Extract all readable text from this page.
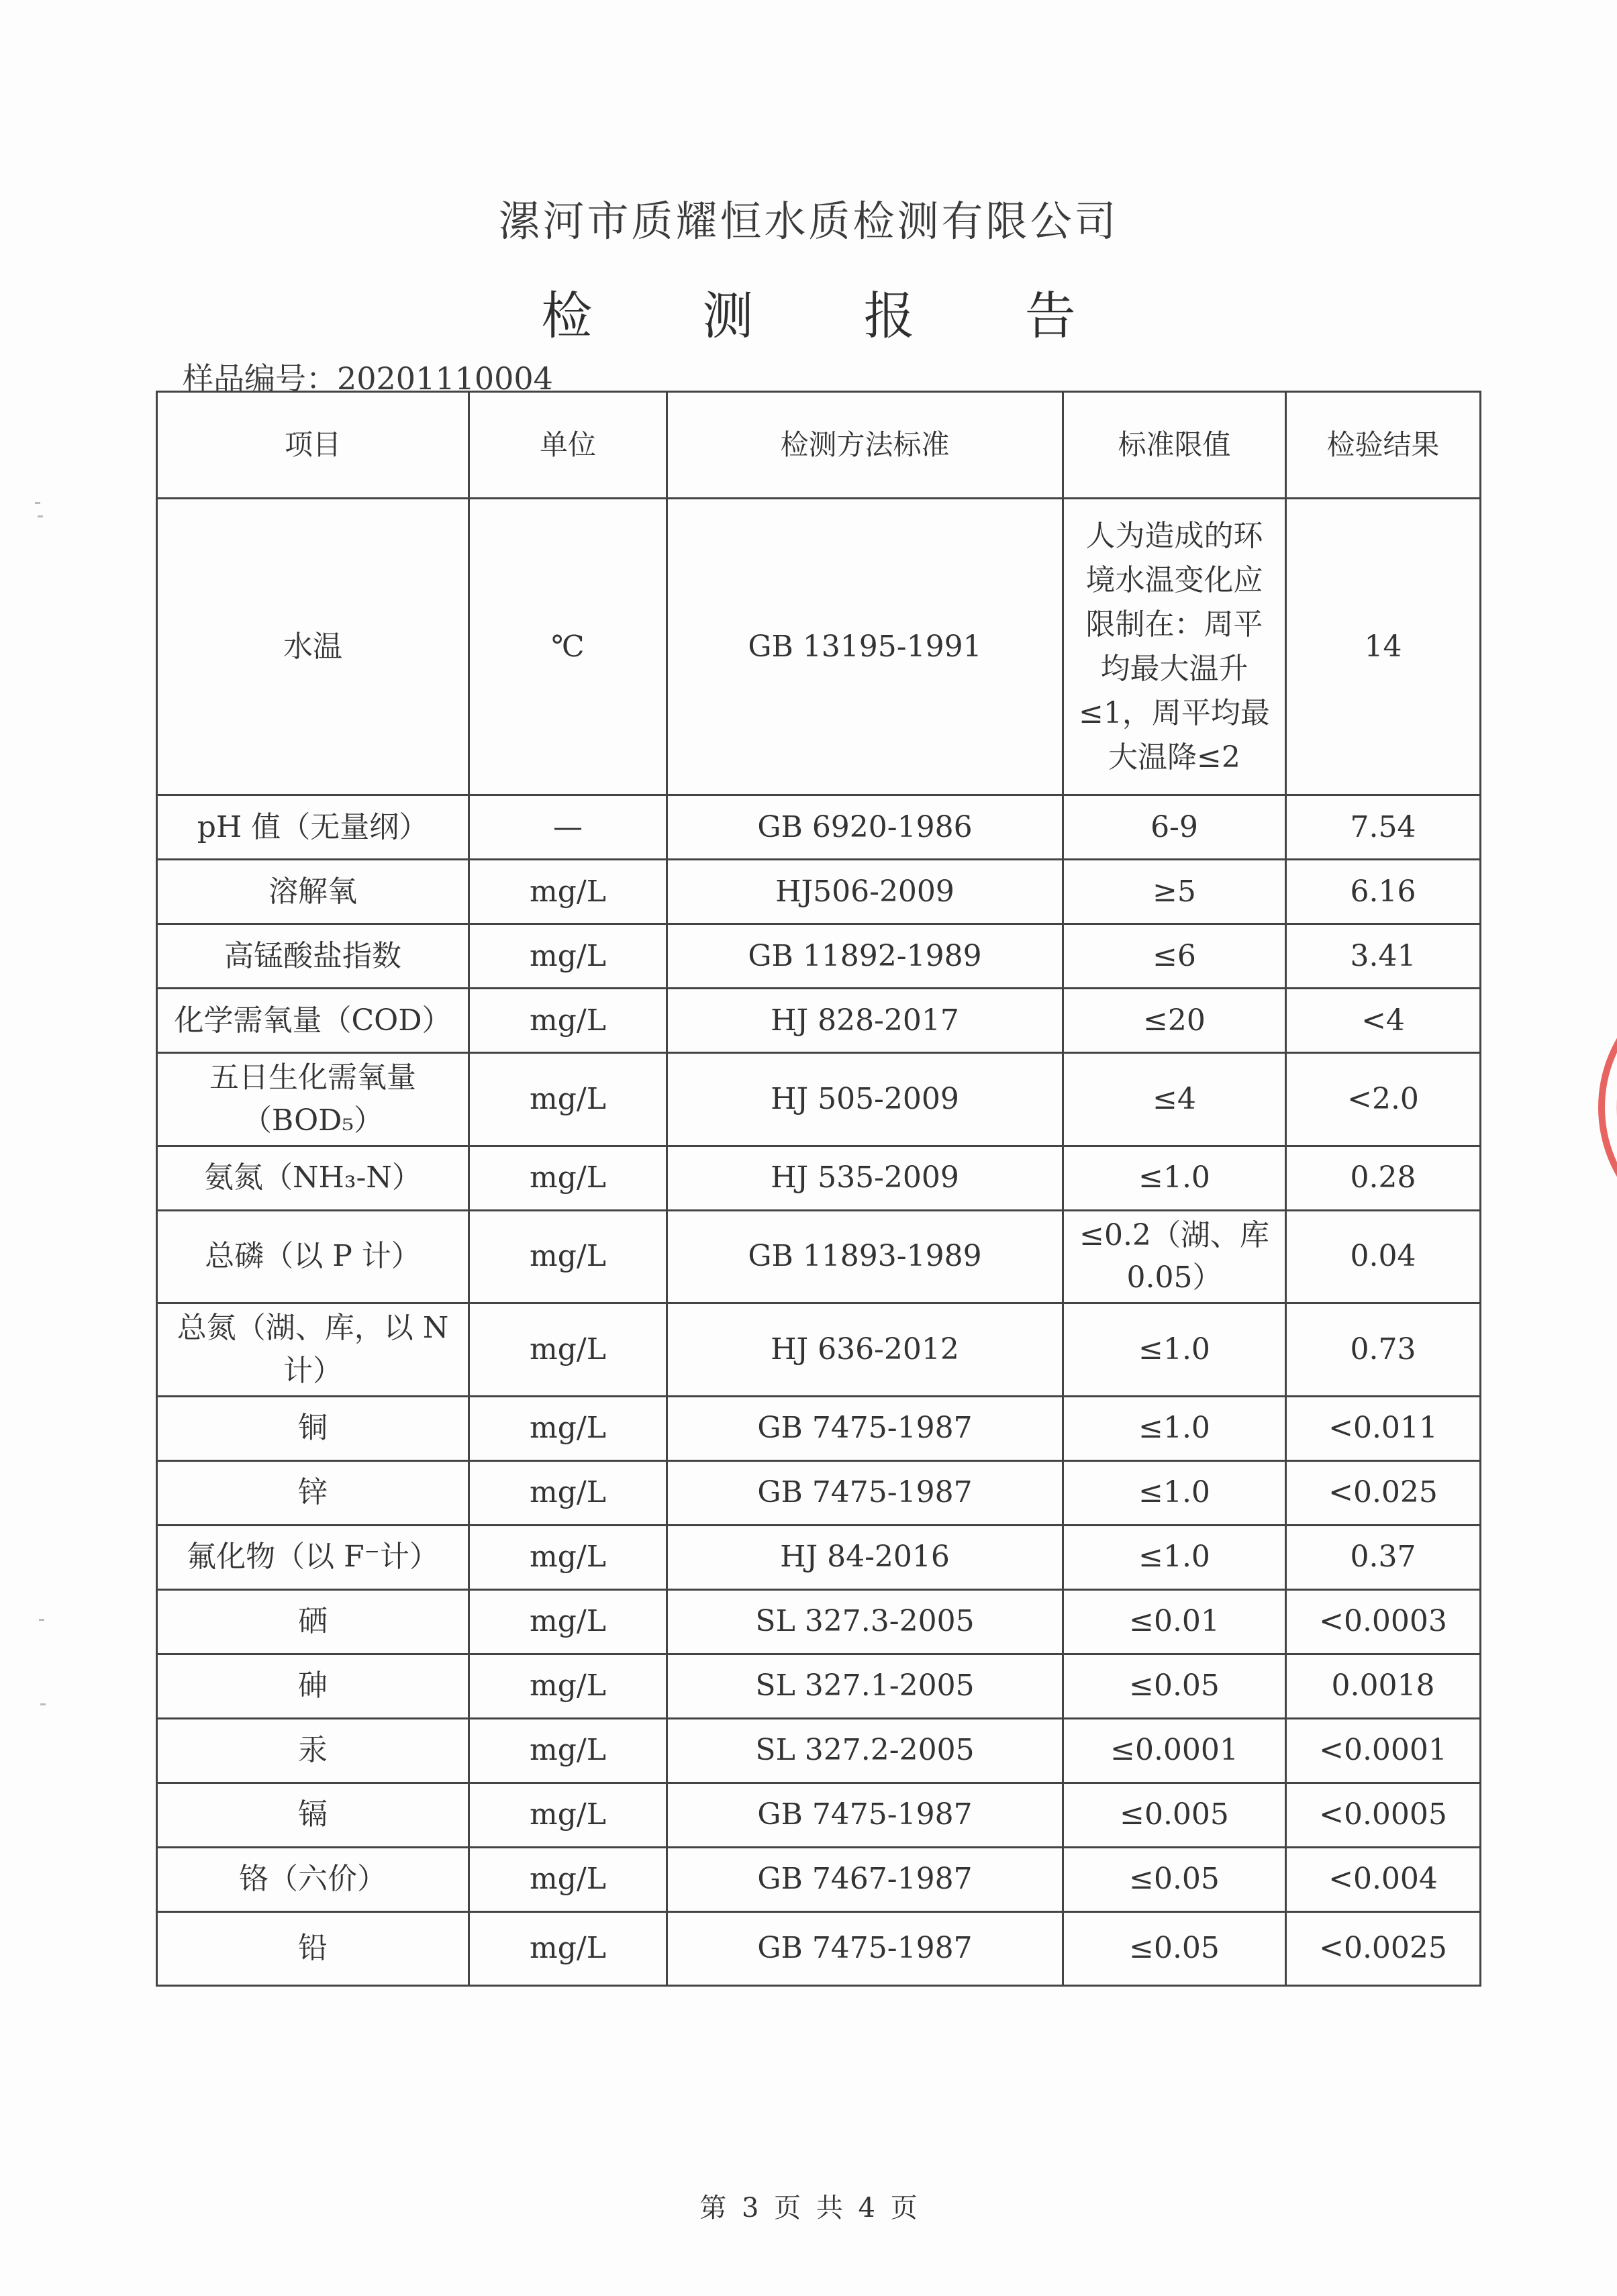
漯河市质耀恒水质检测有限公司
检 测 报 告
样品编号：20201110004
项目	单位	检测方法标准	标准限值	检验结果
水温	℃	GB 13195-1991	人为造成的环境水温变化应限制在：周平均最大温升≤1，周平均最大温降≤2	14
pH 值（无量纲）	—	GB 6920-1986	6-9	7.54
溶解氧	mg/L	HJ506-2009	≥5	6.16
高锰酸盐指数	mg/L	GB 11892-1989	≤6	3.41
化学需氧量（COD）	mg/L	HJ 828-2017	≤20	<4
五日生化需氧量（BOD₅）	mg/L	HJ 505-2009	≤4	<2.0
氨氮（NH₃-N）	mg/L	HJ 535-2009	≤1.0	0.28
总磷（以 P 计）	mg/L	GB 11893-1989	≤0.2（湖、库 0.05）	0.04
总氮（湖、库，以 N 计）	mg/L	HJ 636-2012	≤1.0	0.73
铜	mg/L	GB 7475-1987	≤1.0	<0.011
锌	mg/L	GB 7475-1987	≤1.0	<0.025
氟化物（以 F⁻计）	mg/L	HJ 84-2016	≤1.0	0.37
硒	mg/L	SL 327.3-2005	≤0.01	<0.0003
砷	mg/L	SL 327.1-2005	≤0.05	0.0018
汞	mg/L	SL 327.2-2005	≤0.0001	<0.0001
镉	mg/L	GB 7475-1987	≤0.005	<0.0005
铬（六价）	mg/L	GB 7467-1987	≤0.05	<0.004
铅	mg/L	GB 7475-1987	≤0.05	<0.0025
第 3 页 共 4 页
